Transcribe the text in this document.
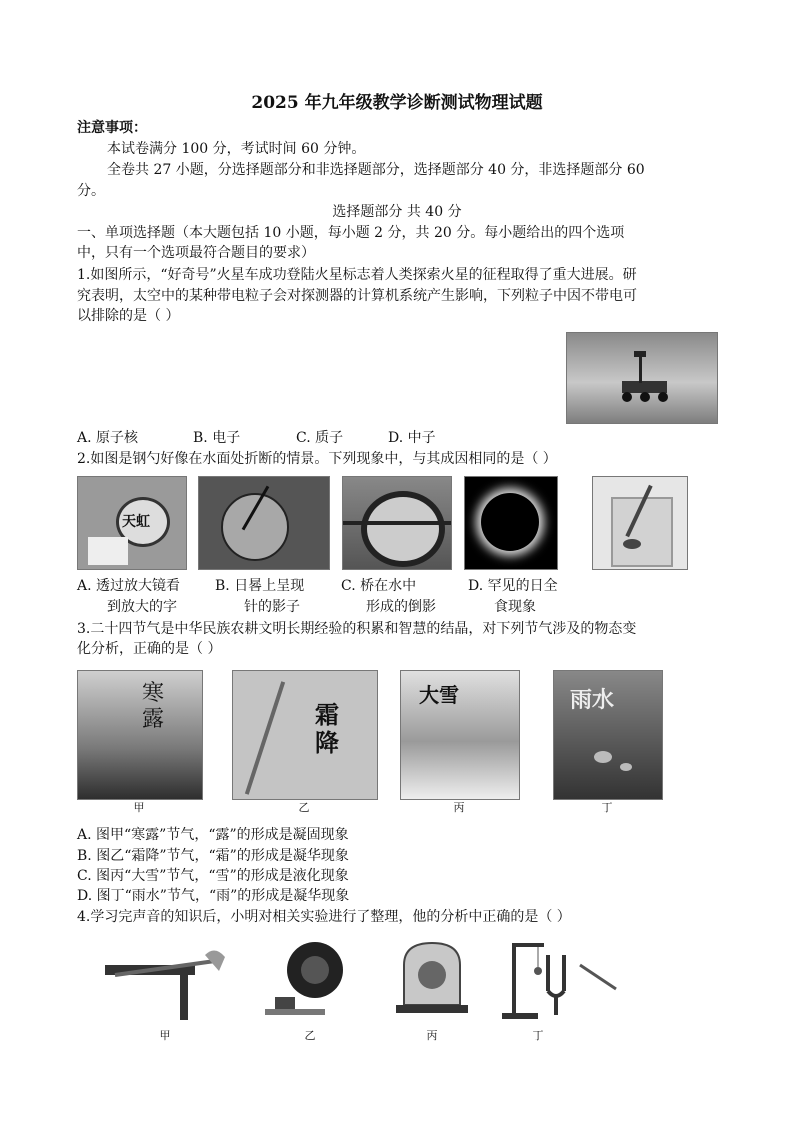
2025 年九年级教学诊断测试物理试题
注意事项：
本试卷满分 100 分，考试时间 60 分钟。
全卷共 27 小题，分选择题部分和非选择题部分，选择题部分 40 分，非选择题部分 60
分。
选择题部分 共 40 分
一、单项选择题（本大题包括 10 小题，每小题 2 分，共 20 分。每小题给出的四个选项
中，只有一个选项最符合题目的要求）
1.如图所示，“好奇号”火星车成功登陆火星标志着人类探索火星的征程取得了重大进展。研
究表明，太空中的某种带电粒子会对探测器的计算机系统产生影响，下列粒子中因不带电可
以排除的是（ ）
A. 原子核	B. 电子	C. 质子	D. 中子
2.如图是钢勺好像在水面处折断的情景。下列现象中，与其成因相同的是（ ）
天虹
A. 透过放大镜看
到放大的字
B. 日晷上呈现
针的影子
C. 桥在水中
形成的倒影
D. 罕见的日全
食现象
3.二十四节气是中华民族农耕文明长期经验的积累和智慧的结晶，对下列节气涉及的物态变
化分析，正确的是（ ）
寒露	霜降
大雪	雨水
甲	乙	丙	丁
A. 图甲“寒露”节气，“露”的形成是凝固现象
B. 图乙“霜降”节气，“霜”的形成是凝华现象
C. 图丙“大雪”节气，“雪”的形成是液化现象
D. 图丁“雨水”节气，“雨”的形成是凝华现象
4.学习完声音的知识后，小明对相关实验进行了整理，他的分析中正确的是（ ）
甲	乙	丙	丁
